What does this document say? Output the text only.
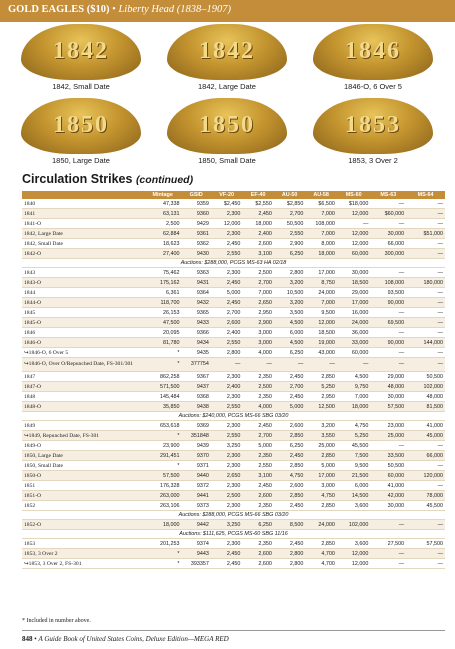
GOLD EAGLES ($10) • Liberty Head (1838–1907)
1842
1842, Small Date
1842
1842, Large Date
1846
1846-O, 6 Over 5
1850
1850, Large Date
1850
1850, Small Date
1853
1853, 3 Over 2
Circulation Strikes (continued)
	Mintage	GSID	VF-20	EF-40	AU-50	AU-58	MS-60	MS-63	MS-64
1840	47,338	9359	$2,450	$2,550	$2,850	$6,500	$18,000	—	—
1841	63,131	9360	2,300	2,450	2,700	7,000	12,000	$60,000	—
1841-O	2,500	9429	12,000	18,000	50,500	108,000	—	—	—
1842, Large Date	62,884	9361	2,300	2,400	2,550	7,000	12,000	30,000	$51,000
1842, Small Date	18,623	9362	2,450	2,600	2,900	8,000	12,000	66,000	—
1842-O	27,400	9430	2,550	3,100	6,250	18,000	60,000	300,000	—
Auctions: $288,000, PCGS MS-63 HA 02/18									
1843	75,462	9363	2,300	2,500	2,800	17,000	30,000	—	—
1843-O	175,162	9431	2,450	2,700	3,200	8,750	18,500	108,000	180,000
1844	6,361	9364	5,000	7,000	10,500	24,000	29,000	93,500	—
1844-O	118,700	9432	2,450	2,650	3,200	7,000	17,000	90,000	—
1845	26,153	9365	2,700	2,950	3,500	9,500	16,000	—	—
1845-O	47,500	9433	2,600	2,900	4,500	12,000	24,000	69,500	—
1846	20,095	9366	2,400	3,000	6,000	18,500	36,000	—	—
1846-O	81,780	9434	2,550	3,000	4,500	19,000	33,000	90,000	144,000
↪1846-O, 6 Over 5	*	9435	2,800	4,000	6,250	43,000	60,000	—	—
↪1846-O, Over O/Repunched Date, FS-301/301	*	377754	—	—	—	—	—	—	—
1847	862,258	9367	2,300	2,350	2,450	2,850	4,500	29,000	50,500
1847-O	571,500	9437	2,400	2,500	2,700	5,250	9,750	48,000	102,000
1848	145,484	9368	2,300	2,350	2,450	2,950	7,000	30,000	48,000
1848-O	35,850	9438	2,550	4,000	5,000	12,500	18,000	57,500	81,500
Auctions: $240,000, PCGS MS-66 SBG 03/20									
1849	653,618	9369	2,300	2,450	2,600	3,200	4,750	23,000	41,000
↪1849, Repunched Date, FS-301	*	351848	2,550	2,700	2,850	3,550	5,250	25,000	45,000
1849-O	23,900	9439	3,250	5,000	6,250	25,000	45,500	—	—
1850, Large Date	291,451	9370	2,300	2,350	2,450	2,850	7,500	33,500	66,000
1850, Small Date	*	9371	2,300	2,550	2,850	5,000	9,500	50,500	—
1850-O	57,500	9440	2,650	3,100	4,750	17,000	21,500	60,000	120,000
1851	176,328	9372	2,300	2,450	2,600	3,000	6,000	41,000	—
1851-O	263,000	9441	2,500	2,600	2,850	4,750	14,500	42,000	78,000
1852	263,106	9373	2,300	2,350	2,450	2,850	3,600	30,000	45,500
Auctions: $288,000, PCGS MS-66 SBG 03/20									
1852-O	18,000	9442	3,250	6,250	8,500	24,000	102,000	—	—
Auctions: $111,625, PCGS MS-60 SBG 11/16									
1853	201,253	9374	2,300	2,350	2,450	2,850	3,600	27,500	57,500
1853, 3 Over 2	*	9443	2,450	2,600	2,800	4,700	12,000	—	—
↪1853, 3 Over 2, FS-301	*	393357	2,450	2,600	2,800	4,700	12,000	—	—
* Included in number above.
848 • A Guide Book of United States Coins, Deluxe Edition—MEGA RED
